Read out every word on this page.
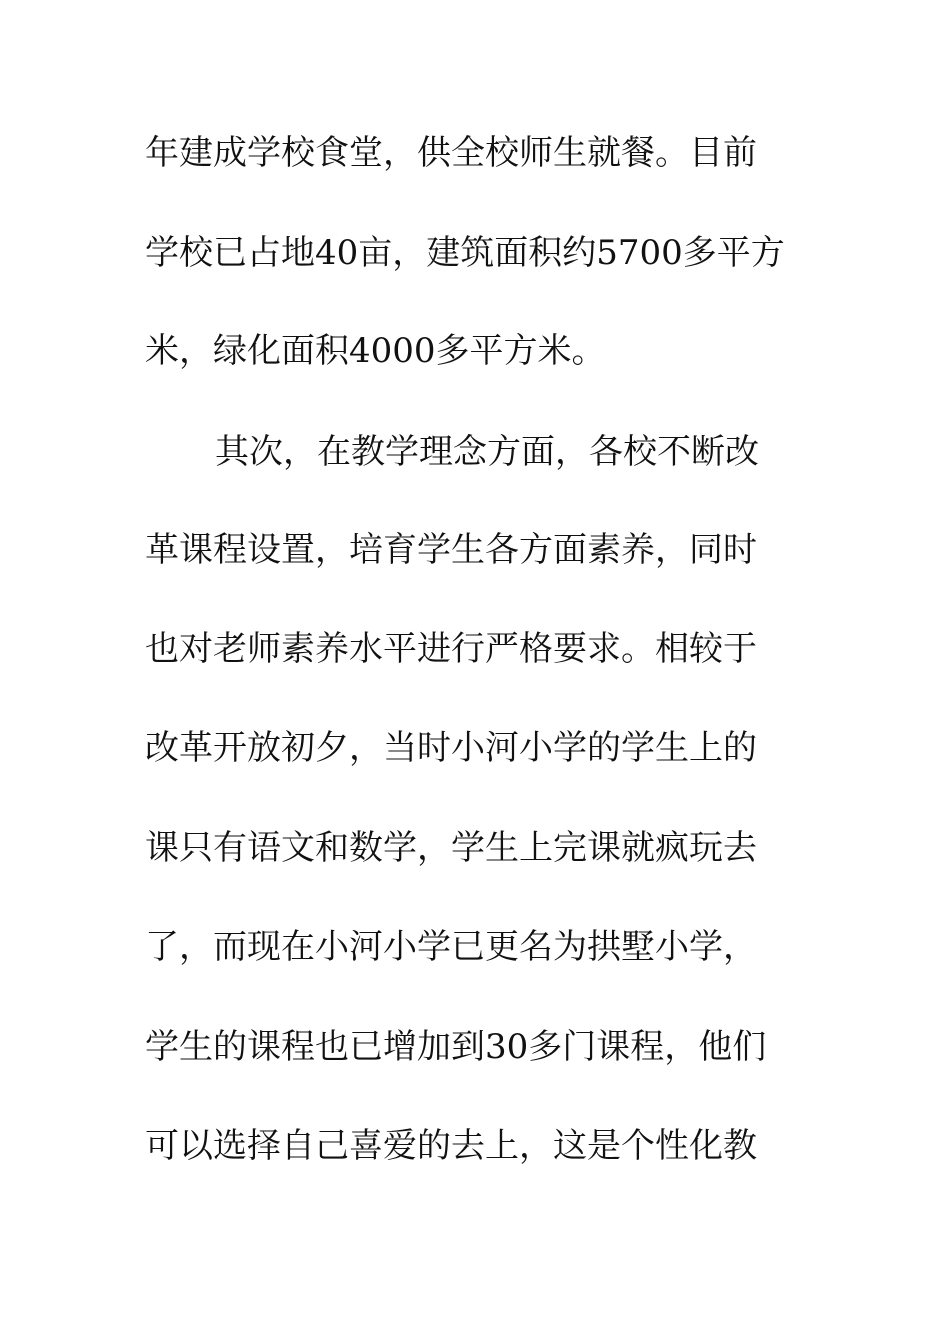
年建成学校食堂，供全校师生就餐。目前
学校已占地40亩，建筑面积约5700多平方
米，绿化面积4000多平方米。
其次，在教学理念方面，各校不断改
革课程设置，培育学生各方面素养，同时
也对老师素养水平进行严格要求。相较于
改革开放初夕，当时小河小学的学生上的
课只有语文和数学，学生上完课就疯玩去
了，而现在小河小学已更名为拱墅小学，
学生的课程也已增加到30多门课程，他们
可以选择自己喜爱的去上，这是个性化教
